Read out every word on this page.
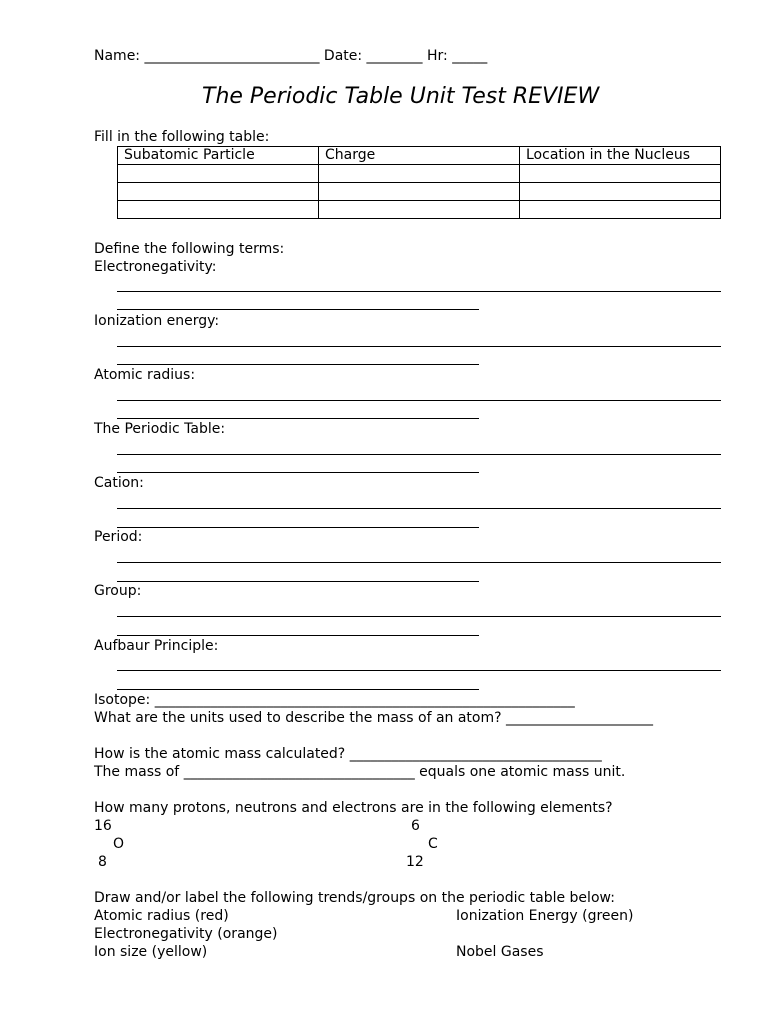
Name: _________________________ Date: ________ Hr: _____
The Periodic Table Unit Test REVIEW
Fill in the following table:
Subatomic Particle	Charge	Location in the Nucleus

Define the following terms:
Electronegativity:
Ionization energy:
Atomic radius:
The Periodic Table:
Cation:
Period:
Group:
Aufbaur Principle:
Isotope: ____________________________________________________________
What are the units used to describe the mass of an atom? _____________________
How is the atomic mass calculated? ____________________________________
The mass of _________________________________ equals one atomic mass unit.
How many protons, neutrons and electrons are in the following elements?
16
O
8
6
C
12
Draw and/or label the following trends/groups on the periodic table below:
Atomic radius (red)	Ionization Energy (green)
Electronegativity (orange)
Ion size (yellow)	Nobel Gases
